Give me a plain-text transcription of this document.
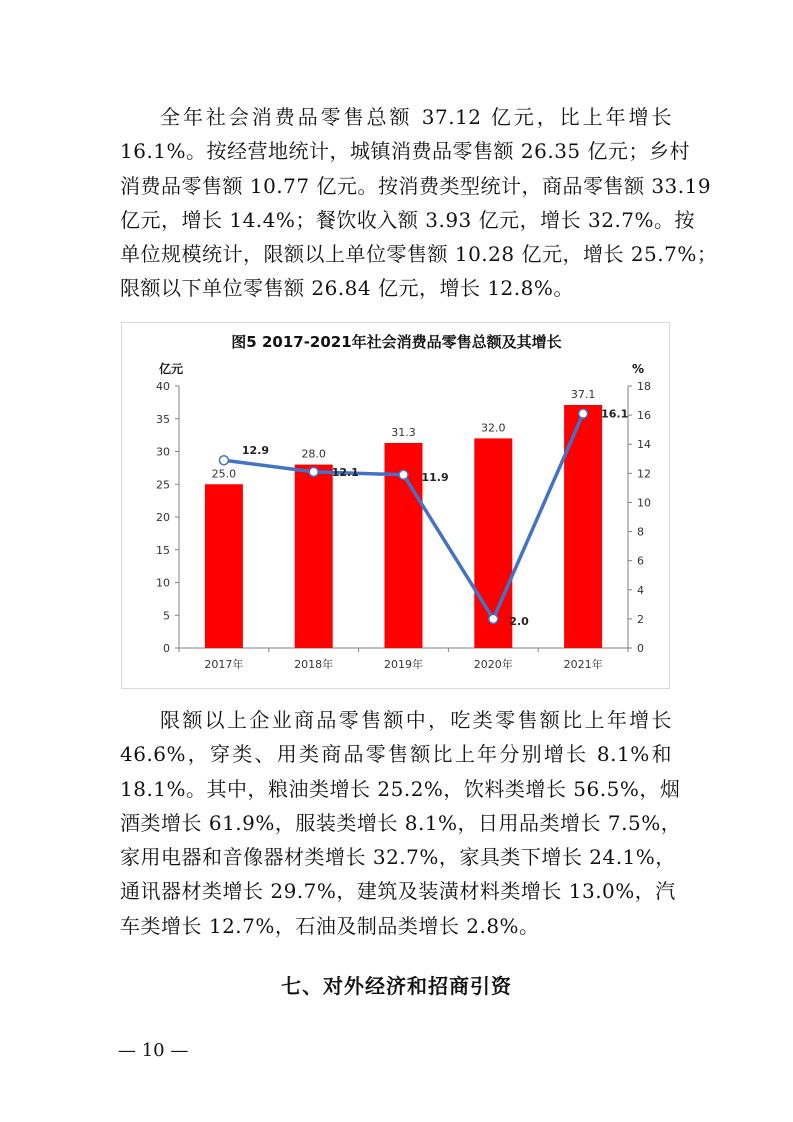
全年社会消费品零售总额 37.12 亿元，比上年增长
16.1%。按经营地统计，城镇消费品零售额 26.35 亿元；乡村
消费品零售额 10.77 亿元。按消费类型统计，商品零售额 33.19
亿元，增长 14.4%；餐饮收入额 3.93 亿元，增长 32.7%。按
单位规模统计，限额以上单位零售额 10.28 亿元，增长 25.7%；
限额以下单位零售额 26.84 亿元，增长 12.8%。
图5 2017-2021年社会消费品零售总额及其增长
0
5
10
15
20
25
30
35
40
0
2
4
6
8
10
12
14
16
18
亿元	%
2017年	2018年	2019年	2020年	2021年
25.0
28.0
31.3	32.0
37.1
12.9
12.1	11.9
2.0
16.1
限额以上企业商品零售额中，吃类零售额比上年增长
46.6%，穿类、用类商品零售额比上年分别增长 8.1%和
18.1%。其中，粮油类增长 25.2%，饮料类增长 56.5%，烟
酒类增长 61.9%，服装类增长 8.1%，日用品类增长 7.5%，
家用电器和音像器材类增长 32.7%，家具类下增长 24.1%，
通讯器材类增长 29.7%，建筑及装潢材料类增长 13.0%，汽
车类增长 12.7%，石油及制品类增长 2.8%。
七、对外经济和招商引资
— 10 —
